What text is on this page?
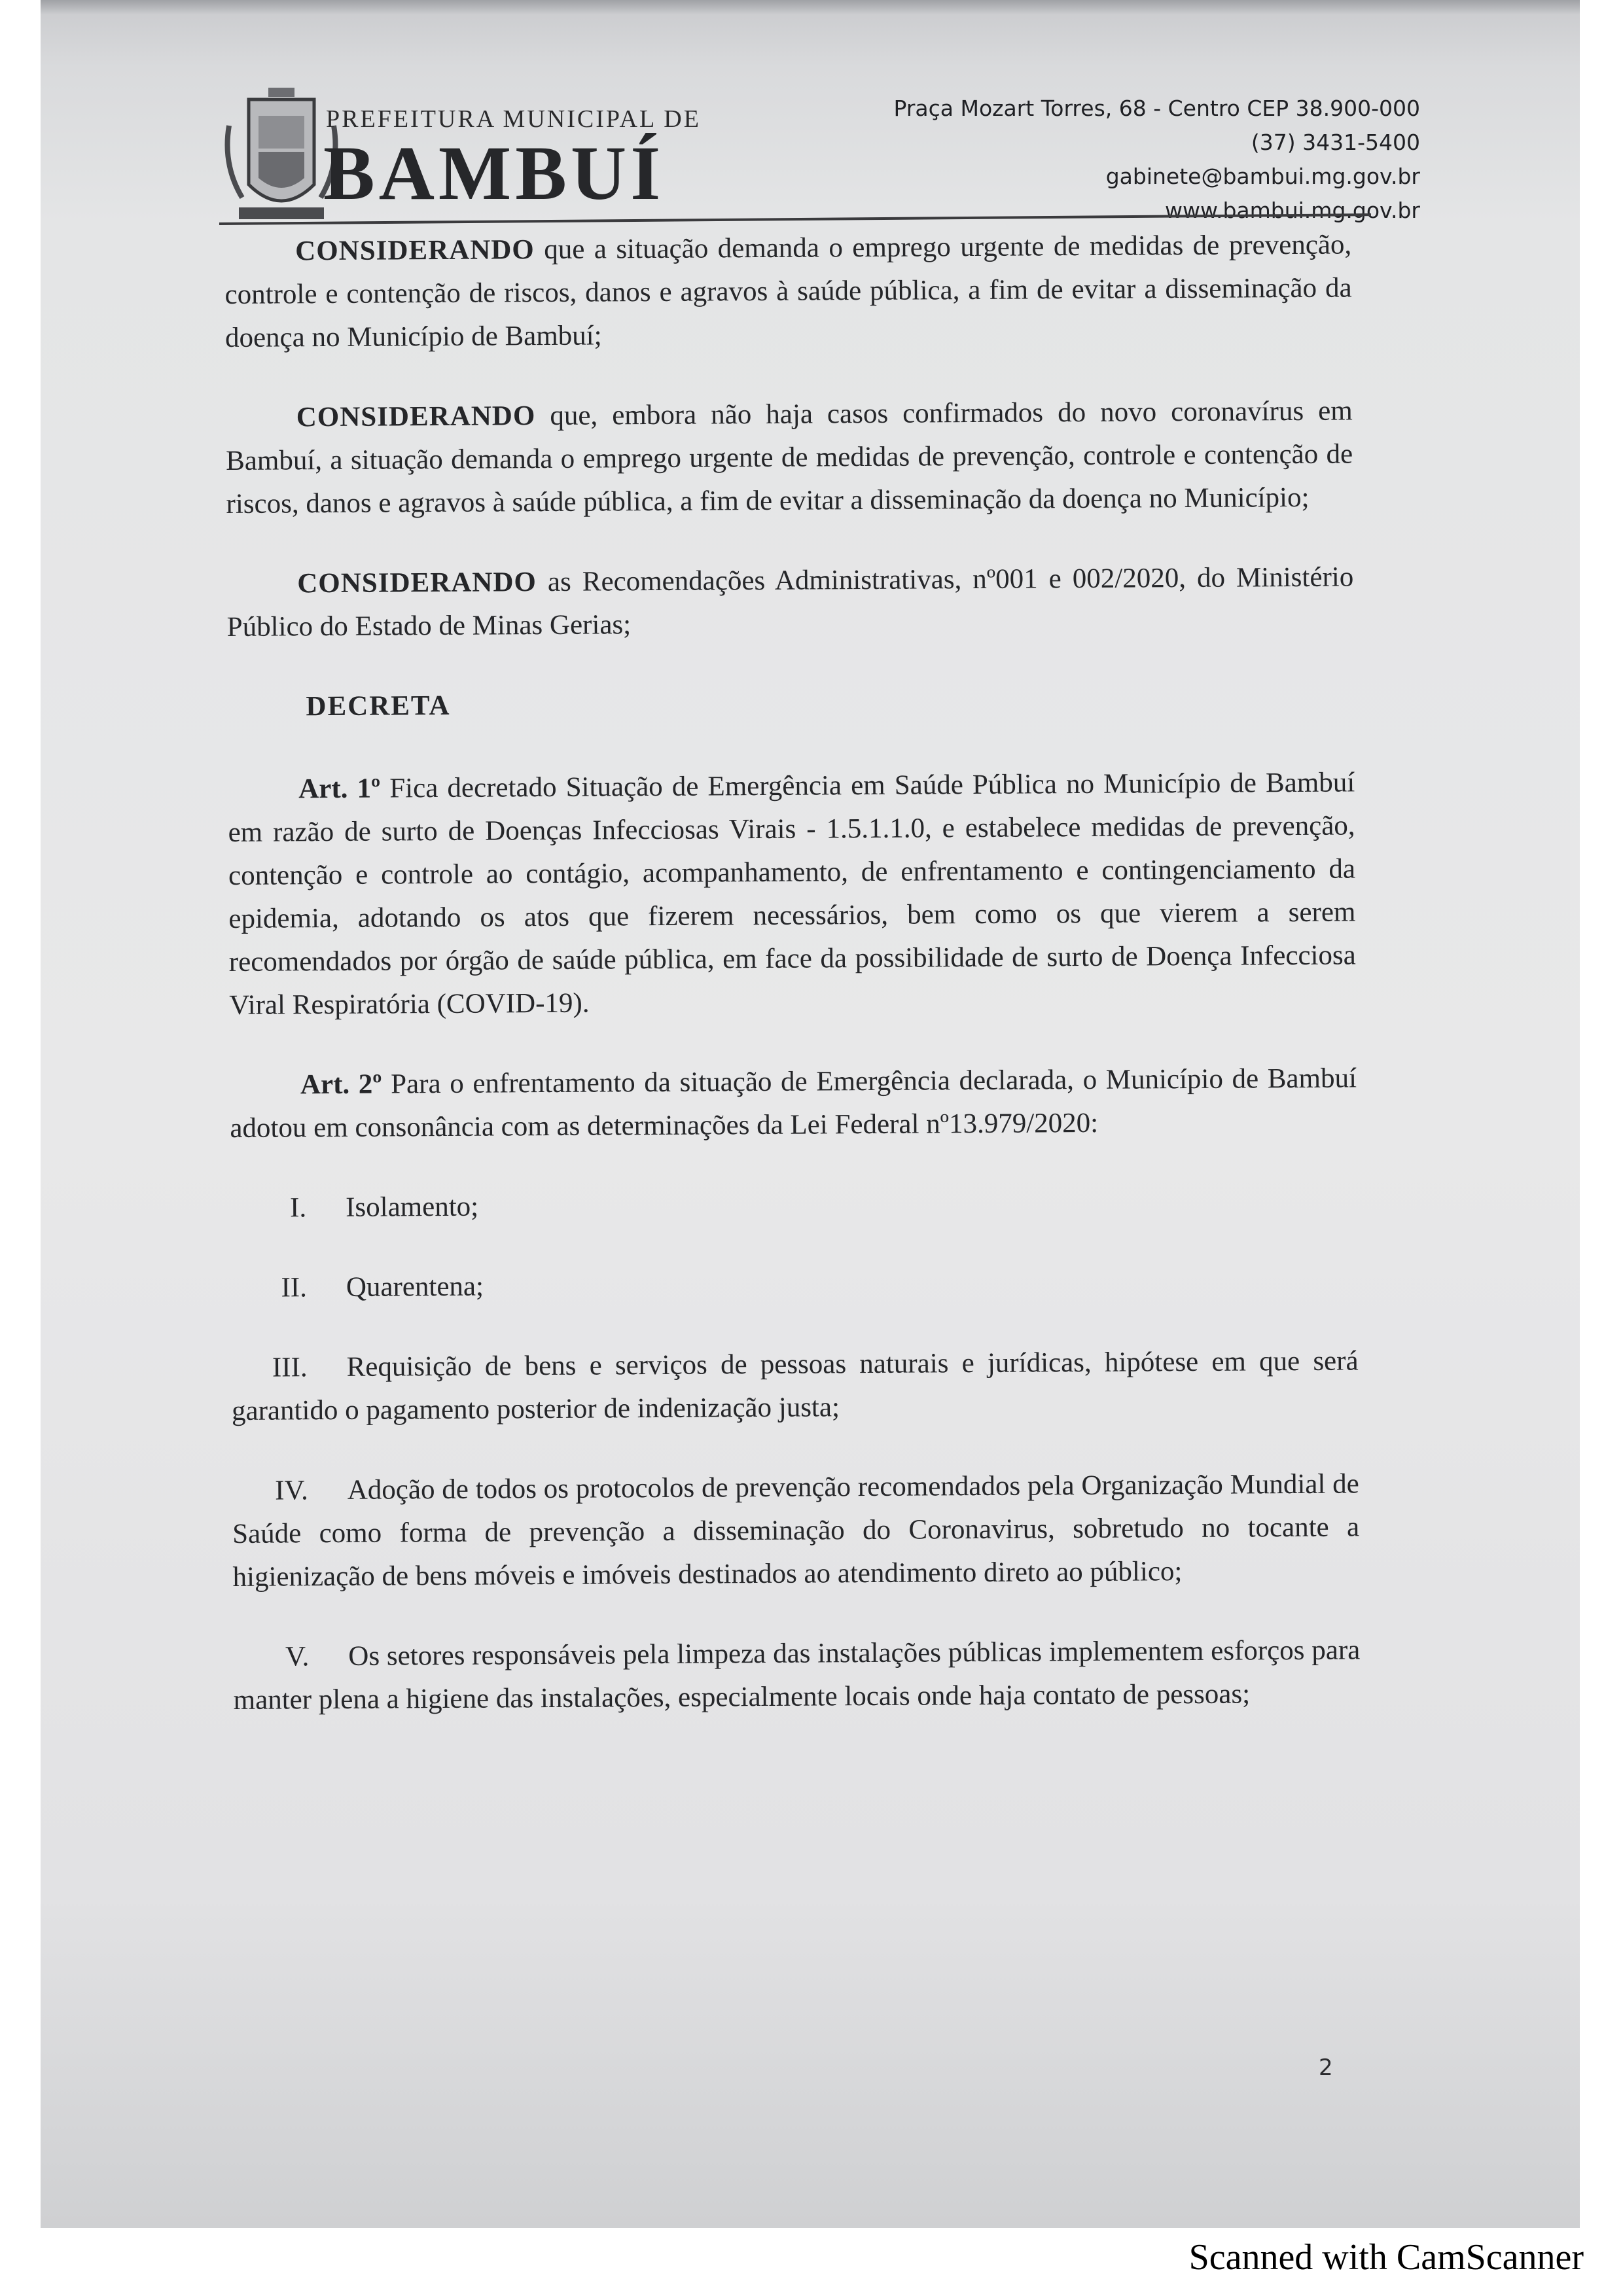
PREFEITURA MUNICIPAL DE
BAMBUÍ
Praça Mozart Torres, 68 - Centro CEP 38.900-000
(37) 3431-5400
gabinete@bambui.mg.gov.br
www.bambui.mg.gov.br

CONSIDERANDO que a situação demanda o emprego urgente de medidas de prevenção, controle e contenção de riscos, danos e agravos à saúde pública, a fim de evitar a disseminação da doença no Município de Bambuí;

CONSIDERANDO que, embora não haja casos confirmados do novo coronavírus em Bambuí, a situação demanda o emprego urgente de medidas de prevenção, controle e contenção de riscos, danos e agravos à saúde pública, a fim de evitar a disseminação da doença no Município;

CONSIDERANDO as Recomendações Administrativas, nº001 e 002/2020, do Ministério Público do Estado de Minas Gerias;

DECRETA

Art. 1º Fica decretado Situação de Emergência em Saúde Pública no Município de Bambuí em razão de surto de Doenças Infecciosas Virais - 1.5.1.1.0, e estabelece medidas de prevenção, contenção e controle ao contágio, acompanhamento, de enfrentamento e contingenciamento da epidemia, adotando os atos que fizerem necessários, bem como os que vierem a serem recomendados por órgão de saúde pública, em face da possibilidade de surto de Doença Infecciosa Viral Respiratória (COVID-19).

Art. 2º Para o enfrentamento da situação de Emergência declarada, o Município de Bambuí adotou em consonância com as determinações da Lei Federal nº13.979/2020:

I. Isolamento;

II. Quarentena;

III. Requisição de bens e serviços de pessoas naturais e jurídicas, hipótese em que será garantido o pagamento posterior de indenização justa;

IV. Adoção de todos os protocolos de prevenção recomendados pela Organização Mundial de Saúde como forma de prevenção a disseminação do Coronavirus, sobretudo no tocante a higienização de bens móveis e imóveis destinados ao atendimento direto ao público;

V. Os setores responsáveis pela limpeza das instalações públicas implementem esforços para manter plena a higiene das instalações, especialmente locais onde haja contato de pessoas;

2
Scanned with CamScanner
